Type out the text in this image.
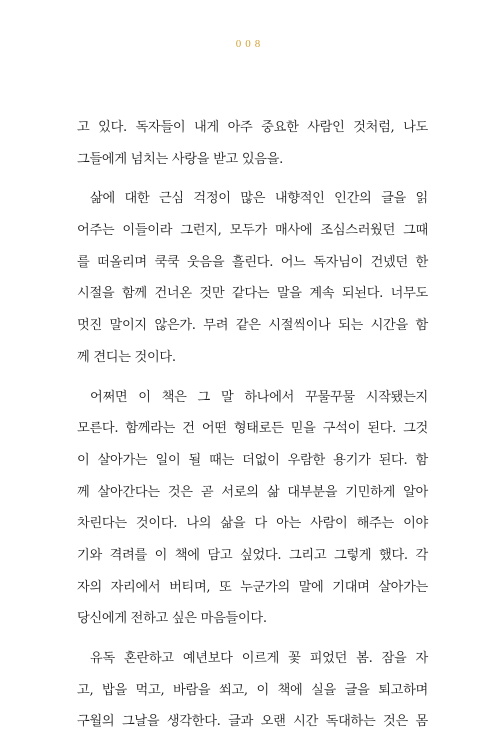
008
고 있다. 독자들이 내게 아주 중요한 사람인 것처럼, 나도
그들에게 넘치는 사랑을 받고 있음을.
삶에 대한 근심 걱정이 많은 내향적인 인간의 글을 읽
어주는 이들이라 그런지, 모두가 매사에 조심스러웠던 그때
를 떠올리며 쿡쿡 웃음을 흘린다. 어느 독자님이 건넸던 한
시절을 함께 건너온 것만 같다는 말을 계속 되뇐다. 너무도
멋진 말이지 않은가. 무려 같은 시절씩이나 되는 시간을 함
께 견디는 것이다.
어쩌면 이 책은 그 말 하나에서 꾸물꾸물 시작됐는지
모른다. 함께라는 건 어떤 형태로든 믿을 구석이 된다. 그것
이 살아가는 일이 될 때는 더없이 우람한 용기가 된다. 함
께 살아간다는 것은 곧 서로의 삶 대부분을 기민하게 알아
차린다는 것이다. 나의 삶을 다 아는 사람이 해주는 이야
기와 격려를 이 책에 담고 싶었다. 그리고 그렇게 했다. 각
자의 자리에서 버티며, 또 누군가의 말에 기대며 살아가는
당신에게 전하고 싶은 마음들이다.
유독 혼란하고 예년보다 이르게 꽃 피었던 봄. 잠을 자
고, 밥을 먹고, 바람을 쐬고, 이 책에 실을 글을 퇴고하며
구월의 그날을 생각한다. 글과 오랜 시간 독대하는 것은 몸
